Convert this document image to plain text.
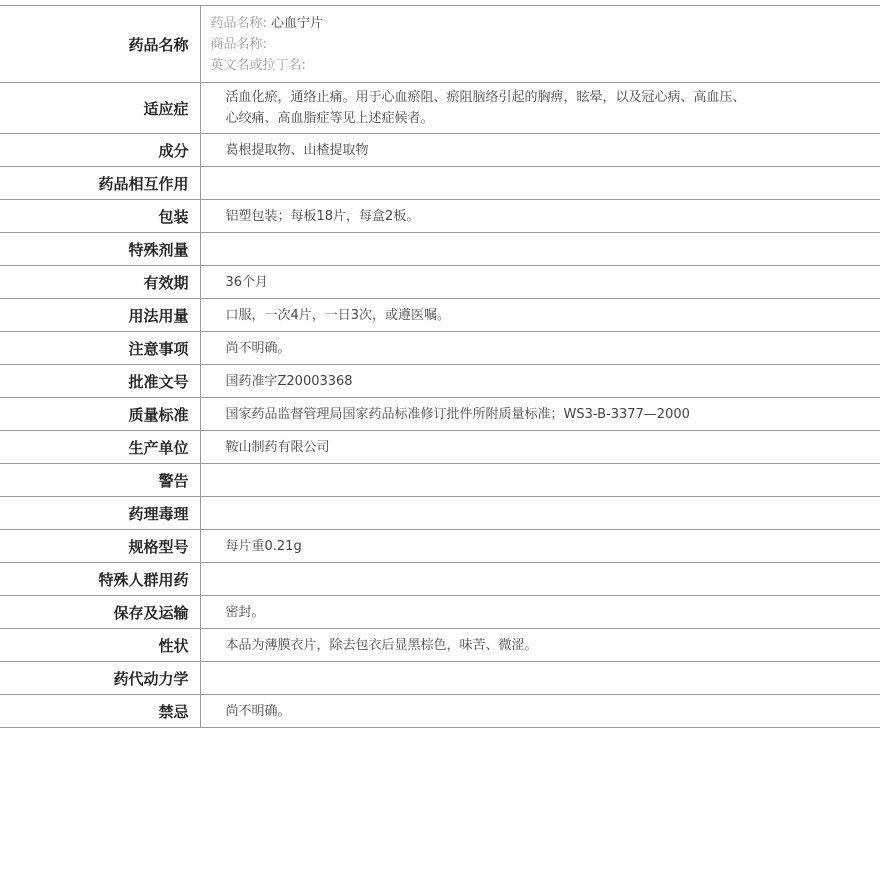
药品名称	药品名称: 心血宁片
商品名称:
英文名或拉丁名:

适应症	活血化瘀，通络止痛。用于心血瘀阻、瘀阻脑络引起的胸痹，眩晕，以及冠心病、高血压、
心绞痛、高血脂症等见上述症候者。
成分	葛根提取物、山楂提取物
药品相互作用	
包装	铝塑包装；每板18片，每盒2板。
特殊剂量	
有效期	36个月
用法用量	口服，一次4片，一日3次，或遵医嘱。
注意事项	尚不明确。
批准文号	国药准字Z20003368
质量标准	国家药品监督管理局国家药品标准修订批件所附质量标准；WS3-B-3377—2000
生产单位	鞍山制药有限公司
警告	
药理毒理	
规格型号	每片重0.21g
特殊人群用药	
保存及运输	密封。
性状	本品为薄膜衣片，除去包衣后显黑棕色，味苦、微涩。
药代动力学	
禁忌	尚不明确。
